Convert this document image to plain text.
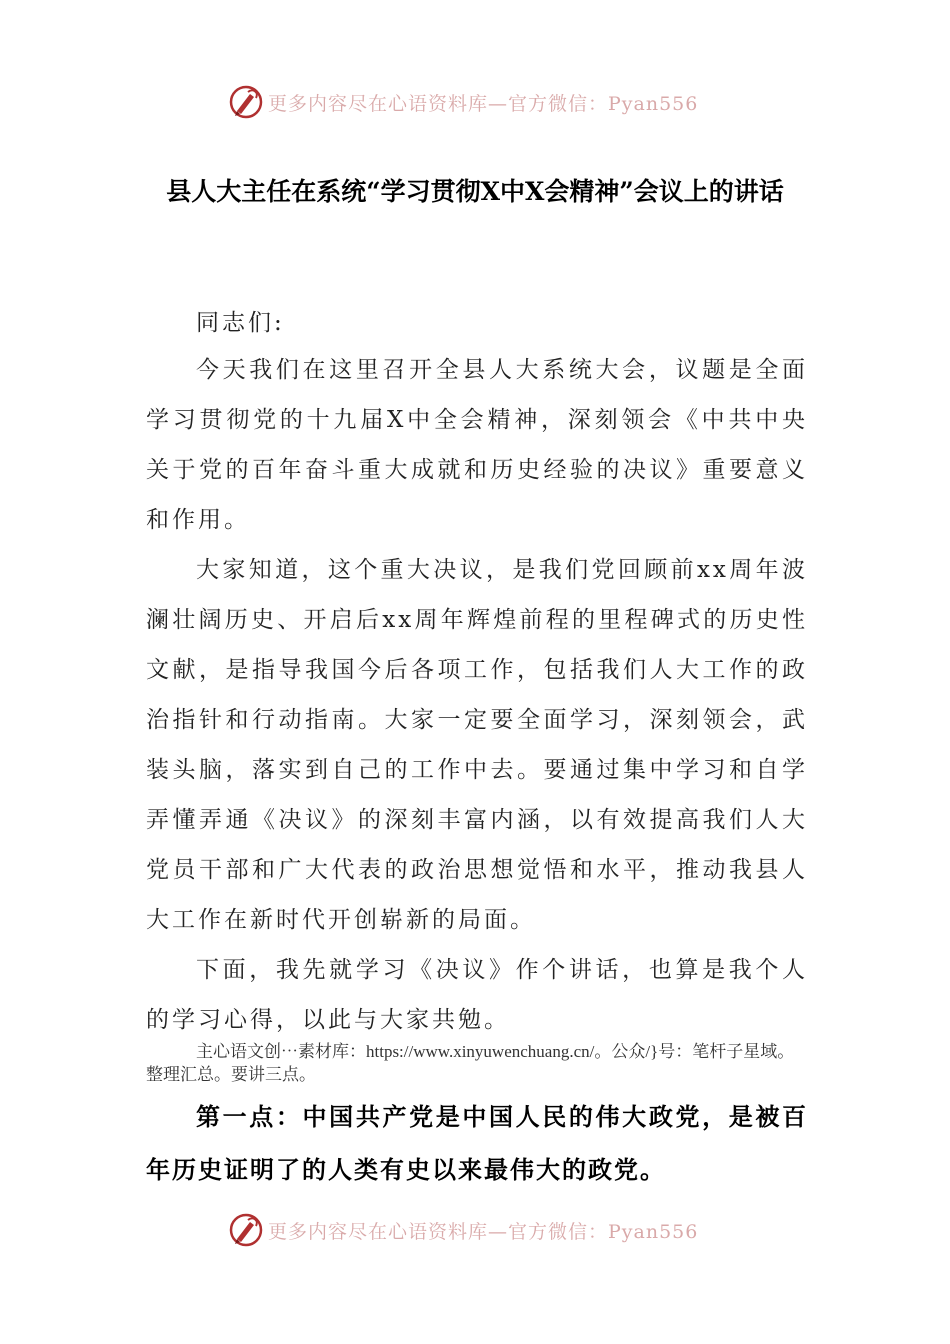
更多内容尽在心语资料库—官方微信：Pyan556
县人大主任在系统“学习贯彻X中X会精神”会议上的讲话

同志们:

今天我们在这里召开全县人大系统大会，议题是全面学习贯彻党的十九届X中全会精神，深刻领会《中共中央关于党的百年奋斗重大成就和历史经验的决议》重要意义和作用。

大家知道，这个重大决议，是我们党回顾前xx周年波澜壮阔历史、开启后xx周年辉煌前程的里程碑式的历史性文献，是指导我国今后各项工作，包括我们人大工作的政治指针和行动指南。大家一定要全面学习，深刻领会，武装头脑，落实到自己的工作中去。要通过集中学习和自学弄懂弄通《决议》的深刻丰富内涵，以有效提高我们人大党员干部和广大代表的政治思想觉悟和水平，推动我县人大工作在新时代开创崭新的局面。

下面，我先就学习《决议》作个讲话，也算是我个人的学习心得，以此与大家共勉。

主心语文创⋯素材库：https://www.xinyuwenchuang.cn/。公众/}号：笔杆子星域。整理汇总。要讲三点。

第一点：中国共产党是中国人民的伟大政党，是被百年历史证明了的人类有史以来最伟大的政党。

更多内容尽在心语资料库—官方微信：Pyan556
